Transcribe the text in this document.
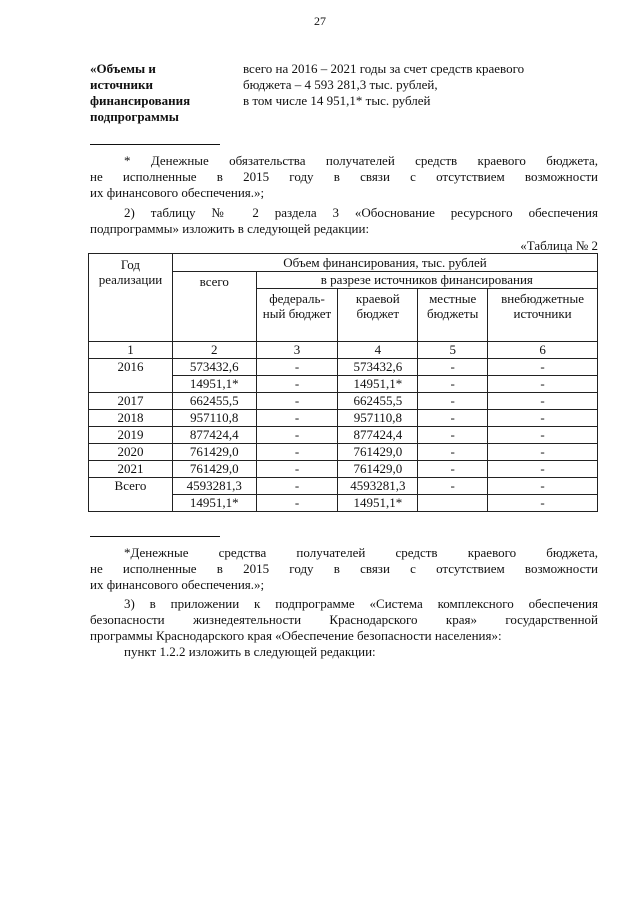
27
«Объемы и
источники
финансирования
подпрограммы
всего на 2016 – 2021 годы за счет средств краевого
бюджета – 4 593 281,3 тыс. рублей,
в том числе 14 951,1* тыс. рублей
* Денежные обязательства получателей средств краевого бюджета,
не исполненные в 2015 году в связи с отсутствием возможности
их финансового обеспечения.»;
2) таблицу № 2 раздела 3 «Обоснование ресурсного обеспечения
подпрограммы» изложить в следующей редакции:
«Таблица № 2
Год реализации	Объем финансирования, тыс. рублей				
	всего	в разрезе источников финансирования			
		федераль-ный бюджет	краевой бюджет	местные бюджеты	внебюджетные источники
1	2	3	4	5	6
2016	573432,6	-	573432,6	-	-
	14951,1*	-	14951,1*	-	-
2017	662455,5	-	662455,5	-	-
2018	957110,8	-	957110,8	-	-
2019	877424,4	-	877424,4	-	-
2020	761429,0	-	761429,0	-	-
2021	761429,0	-	761429,0	-	-
Всего	4593281,3	-	4593281,3	-	-
	14951,1*	-	14951,1*		-
*Денежные средства получателей средств краевого бюджета,
не исполненные в 2015 году в связи с отсутствием возможности
их финансового обеспечения.»;
3) в приложении к подпрограмме «Система комплексного обеспечения
безопасности жизнедеятельности Краснодарского края» государственной
программы Краснодарского края «Обеспечение безопасности населения»:
пункт 1.2.2 изложить в следующей редакции:
